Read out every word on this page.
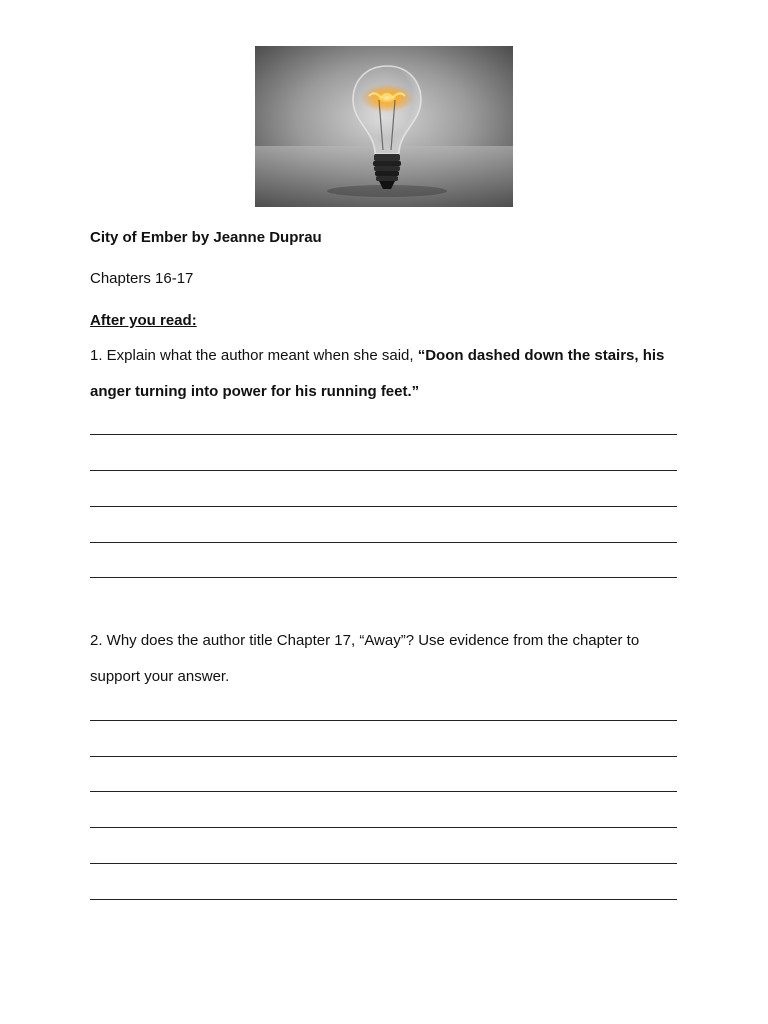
City of Ember by Jeanne Duprau
Chapters 16-17
After you read:
1. Explain what the author meant when she said, “Doon dashed down the stairs, his
anger turning into power for his running feet.”
2. Why does the author title Chapter 17, “Away”? Use evidence from the chapter to
support your answer.
